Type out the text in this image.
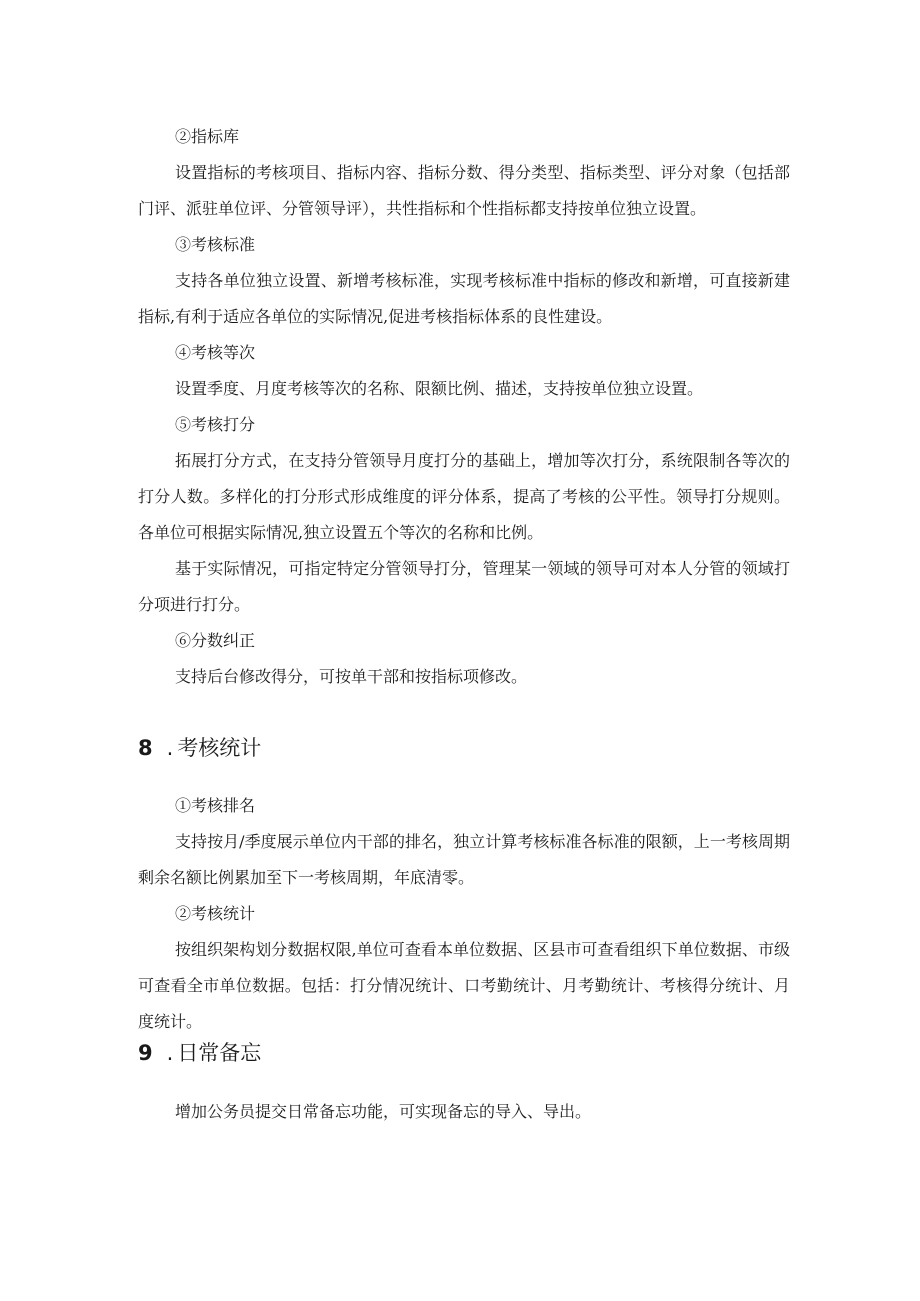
②指标库
设置指标的考核项目、指标内容、指标分数、得分类型、指标类型、评分对象（包括部门评、派驻单位评、分管领导评），共性指标和个性指标都支持按单位独立设置。
③考核标准
支持各单位独立设置、新增考核标准，实现考核标准中指标的修改和新增，可直接新建指标,有利于适应各单位的实际情况,促进考核指标体系的良性建设。
④考核等次
设置季度、月度考核等次的名称、限额比例、描述，支持按单位独立设置。
⑤考核打分
拓展打分方式，在支持分管领导月度打分的基础上，增加等次打分，系统限制各等次的打分人数。多样化的打分形式形成维度的评分体系，提高了考核的公平性。领导打分规则。各单位可根据实际情况,独立设置五个等次的名称和比例。
基于实际情况，可指定特定分管领导打分，管理某一领域的领导可对本人分管的领域打分项进行打分。
⑥分数纠正
支持后台修改得分，可按单干部和按指标项修改。
8 . 考核统计
①考核排名
支持按月/季度展示单位内干部的排名，独立计算考核标准各标准的限额，上一考核周期剩余名额比例累加至下一考核周期，年底清零。
②考核统计
按组织架构划分数据权限,单位可查看本单位数据、区县市可查看组织下单位数据、市级可查看全市单位数据。包括：打分情况统计、口考勤统计、月考勤统计、考核得分统计、月度统计。
9 . 日常备忘
增加公务员提交日常备忘功能，可实现备忘的导入、导出。
